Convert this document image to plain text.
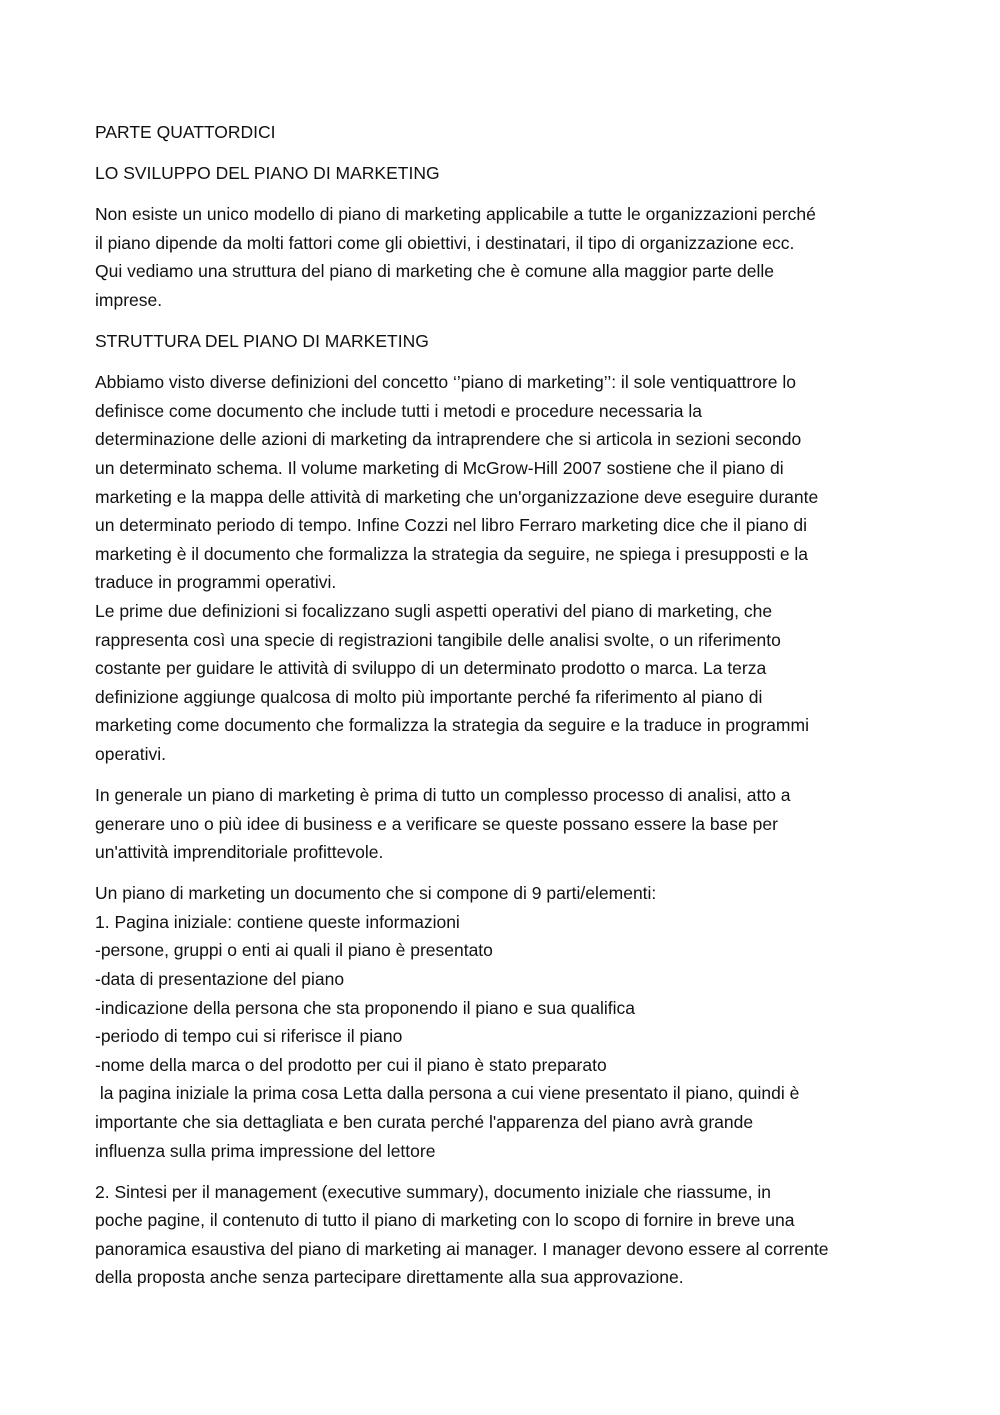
PARTE QUATTORDICI
LO SVILUPPO DEL PIANO DI MARKETING
Non esiste un unico modello di piano di marketing applicabile a tutte le organizzazioni perché
il piano dipende da molti fattori come gli obiettivi, i destinatari, il tipo di organizzazione ecc.
Qui vediamo una struttura del piano di marketing che è comune alla maggior parte delle
imprese.
STRUTTURA DEL PIANO DI MARKETING
Abbiamo visto diverse definizioni del concetto ‘’piano di marketing’’: il sole ventiquattrore lo
definisce come documento che include tutti i metodi e procedure necessaria la
determinazione delle azioni di marketing da intraprendere che si articola in sezioni secondo
un determinato schema. Il volume marketing di McGrow-Hill 2007 sostiene che il piano di
marketing e la mappa delle attività di marketing che un'organizzazione deve eseguire durante
un determinato periodo di tempo. Infine Cozzi nel libro Ferraro marketing dice che il piano di
marketing è il documento che formalizza la strategia da seguire, ne spiega i presupposti e la
traduce in programmi operativi.
Le prime due definizioni si focalizzano sugli aspetti operativi del piano di marketing, che
rappresenta così una specie di registrazioni tangibile delle analisi svolte, o un riferimento
costante per guidare le attività di sviluppo di un determinato prodotto o marca. La terza
definizione aggiunge qualcosa di molto più importante perché fa riferimento al piano di
marketing come documento che formalizza la strategia da seguire e la traduce in programmi
operativi.
In generale un piano di marketing è prima di tutto un complesso processo di analisi, atto a
generare uno o più idee di business e a verificare se queste possano essere la base per
un'attività imprenditoriale profittevole.
Un piano di marketing un documento che si compone di 9 parti/elementi:
1. Pagina iniziale: contiene queste informazioni
-persone, gruppi o enti ai quali il piano è presentato
-data di presentazione del piano
-indicazione della persona che sta proponendo il piano e sua qualifica
-periodo di tempo cui si riferisce il piano
-nome della marca o del prodotto per cui il piano è stato preparato
la pagina iniziale la prima cosa Letta dalla persona a cui viene presentato il piano, quindi è
importante che sia dettagliata e ben curata perché l'apparenza del piano avrà grande
influenza sulla prima impressione del lettore
2. Sintesi per il management (executive summary), documento iniziale che riassume, in
poche pagine, il contenuto di tutto il piano di marketing con lo scopo di fornire in breve una
panoramica esaustiva del piano di marketing ai manager. I manager devono essere al corrente
della proposta anche senza partecipare direttamente alla sua approvazione.
